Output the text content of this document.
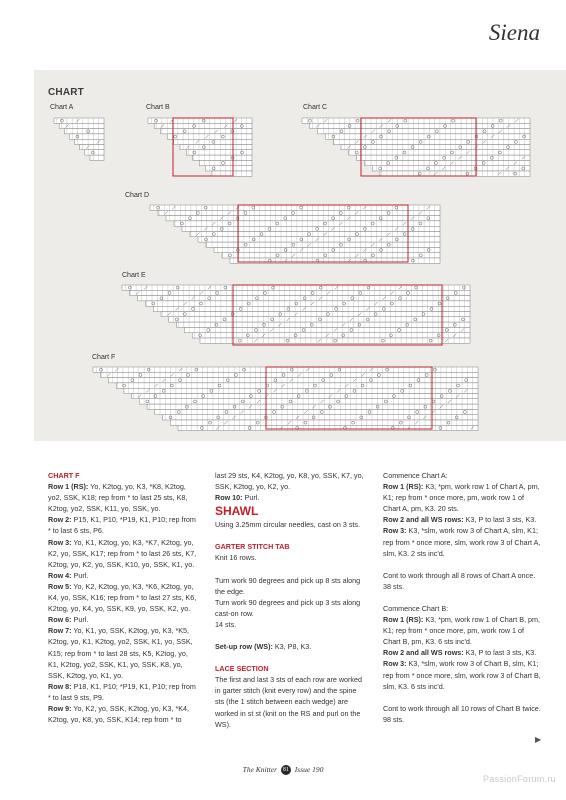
Siena
CHART
Chart A	Chart B	Chart C
Chart D
Chart E
Chart F

CHART F

Row 1 (RS): Yo, K2tog, yo, K3, *K8, K2tog, yo2, SSK, K18; rep from * to last 25 sts, K8, K2tog, yo2, SSK, K11, yo, SSK, yo.

Row 2: P15, K1, P10, *P19, K1, P10; rep from * to last 6 sts, P6.

Row 3: Yo, K1, K2tog, yo, K3, *K7, K2tog, yo, K2, yo, SSK, K17; rep from * to last 26 sts, K7, K2tog, yo, K2, yo, SSK, K10, yo, SSK, K1, yo.

Row 4: Purl.

Row 5: Yo, K2, K2tog, yo, K3, *K6, K2tog, yo, K4, yo, SSK, K16; rep from * to last 27 sts, K6, K2tog, yo, K4, yo, SSK, K9, yo, SSK, K2, yo.

Row 6: Purl.

Row 7: Yo, K1, yo, SSK, K2tog, yo, K3, *K5, K2tog, yo, K1, K2tog, yo2, SSK, K1, yo, SSK, K15; rep from * to last 28 sts, K5, K2tog, yo, K1, K2tog, yo2, SSK, K1, yo, SSK, K8, yo, SSK, K2tog, yo, K1, yo.

Row 8: P18, K1, P10; *P19, K1, P10; rep from * to last 9 sts, P9.

Row 9: Yo, K2, yo, SSK, K2tog, yo, K3, *K4, K2tog, yo, K8, yo, SSK, K14; rep from * to

last 29 sts, K4, K2tog, yo, K8, yo, SSK, K7, yo, SSK, K2tog, yo, K2, yo.

Row 10: Purl.

SHAWL

Using 3.25mm circular needles, cast on 3 sts.

GARTER STITCH TAB

Knit 16 rows.

Turn work 90 degrees and pick up 8 sts along the edge.

Turn work 90 degrees and pick up 3 sts along cast-on row.

14 sts.

Set-up row (WS): K3, P8, K3.

LACE SECTION

The first and last 3 sts of each row are worked in garter stitch (knit every row) and the spine sts (the 1 stitch between each wedge) are worked in st st (knit on the RS and purl on the WS).

Commence Chart A:

Row 1 (RS): K3, *pm, work row 1 of Chart A, pm, K1; rep from * once more, pm, work row 1 of Chart A, pm, K3. 20 sts.

Row 2 and all WS rows: K3, P to last 3 sts, K3.

Row 3: K3, *slm, work row 3 of Chart A, slm, K1; rep from * once more, slm, work row 3 of Chart A, slm, K3. 2 sts inc'd.

Cont to work through all 8 rows of Chart A once. 38 sts.

Commence Chart B:

Row 1 (RS): K3, *pm, work row 1 of Chart B, pm, K1; rep from * once more, pm, work row 1 of Chart B, pm, K3. 6 sts inc'd.

Row 2 and all WS rows: K3, P to last 3 sts, K3.

Row 3: K3, *slm, work row 3 of Chart B, slm, K1; rep from * once more, slm, work row 3 of Chart B, slm, K3. 6 sts inc'd.

Cont to work through all 10 rows of Chart B twice. 98 sts.

▶
The Knitter 81 Issue 190
PassionForum.ru
